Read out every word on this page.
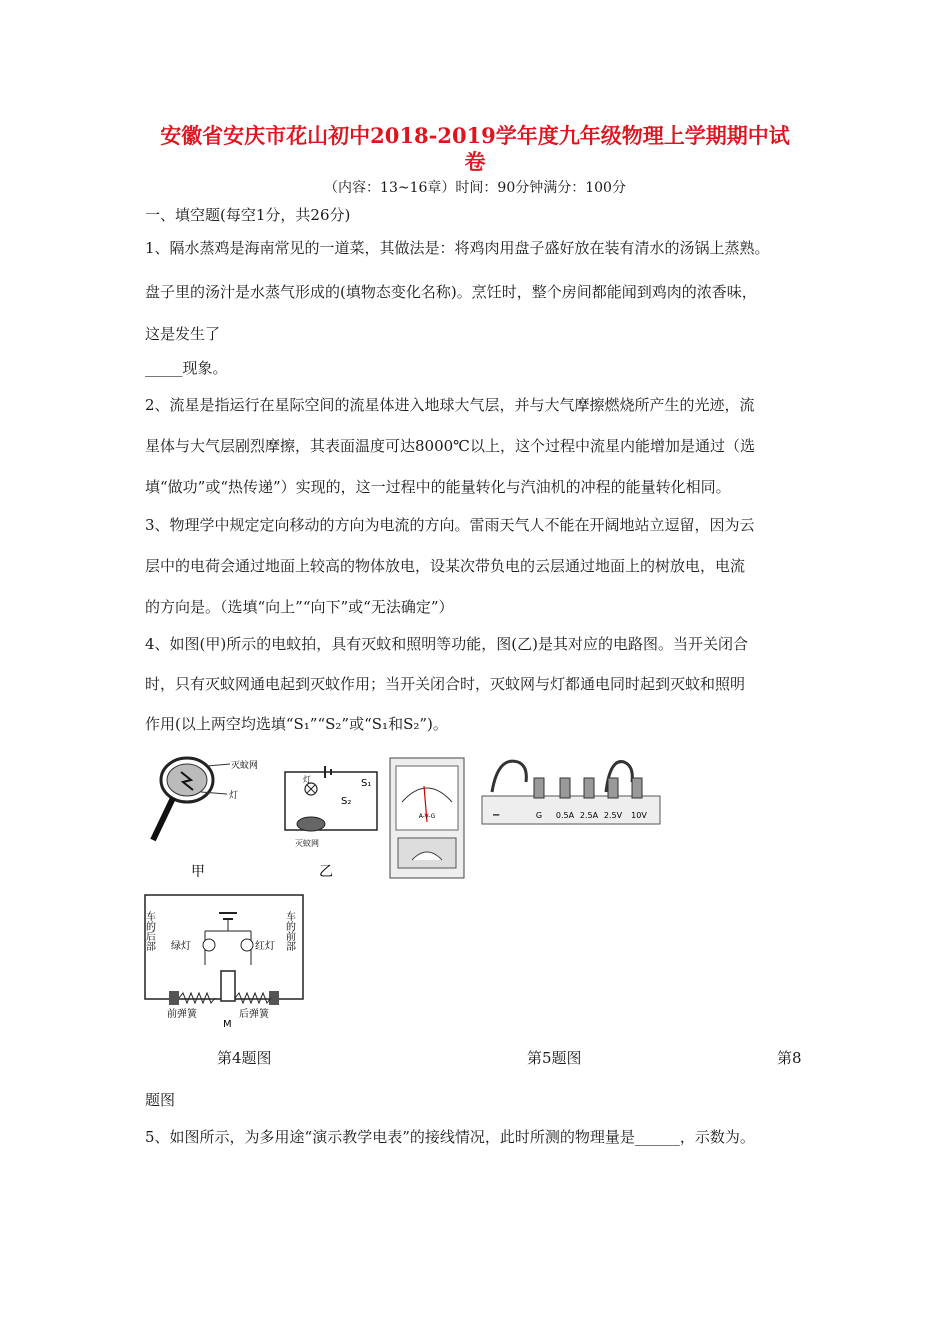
安徽省安庆市花山初中2018-2019学年度九年级物理上学期期中试
卷
（内容：13~16章）时间：90分钟满分：100分
一、填空题(每空1分，共26分)
1、隔水蒸鸡是海南常见的一道菜，其做法是：将鸡肉用盘子盛好放在装有清水的汤锅上蒸熟。
盘子里的汤汁是水蒸气形成的(填物态变化名称)。烹饪时，整个房间都能闻到鸡肉的浓香味，
这是发生了
_____现象。
2、流星是指运行在星际空间的流星体进入地球大气层，并与大气摩擦燃烧所产生的光迹，流
星体与大气层剧烈摩擦，其表面温度可达8000℃以上，这个过程中流星内能增加是通过（选
填“做功”或“热传递”）实现的，这一过程中的能量转化与汽油机的冲程的能量转化相同。
3、物理学中规定定向移动的方向为电流的方向。雷雨天气人不能在开阔地站立逗留，因为云
层中的电荷会通过地面上较高的物体放电，设某次带负电的云层通过地面上的树放电，电流
的方向是。（选填“向上”“向下”或“无法确定”）
4、如图(甲)所示的电蚊拍，具有灭蚊和照明等功能，图(乙)是其对应的电路图。当开关闭合
时，只有灭蚊网通电起到灭蚊作用；当开关闭合时，灭蚊网与灯都通电同时起到灭蚊和照明
作用(以上两空均选填“S₁”“S₂”或“S₁和S₂”)。
灭蚊网
灯
甲
灯	S₁
S₂
灭蚊网
乙
A-V-G	−	G 0.5A 2.5A 2.5V 10V
绿灯	红灯
车的后部	车的前部
前弹簧
M
后弹簧
第4题图	第5题图	第8
题图
5、如图所示，为多用途“演示教学电表”的接线情况，此时所测的物理量是______，示数为。
